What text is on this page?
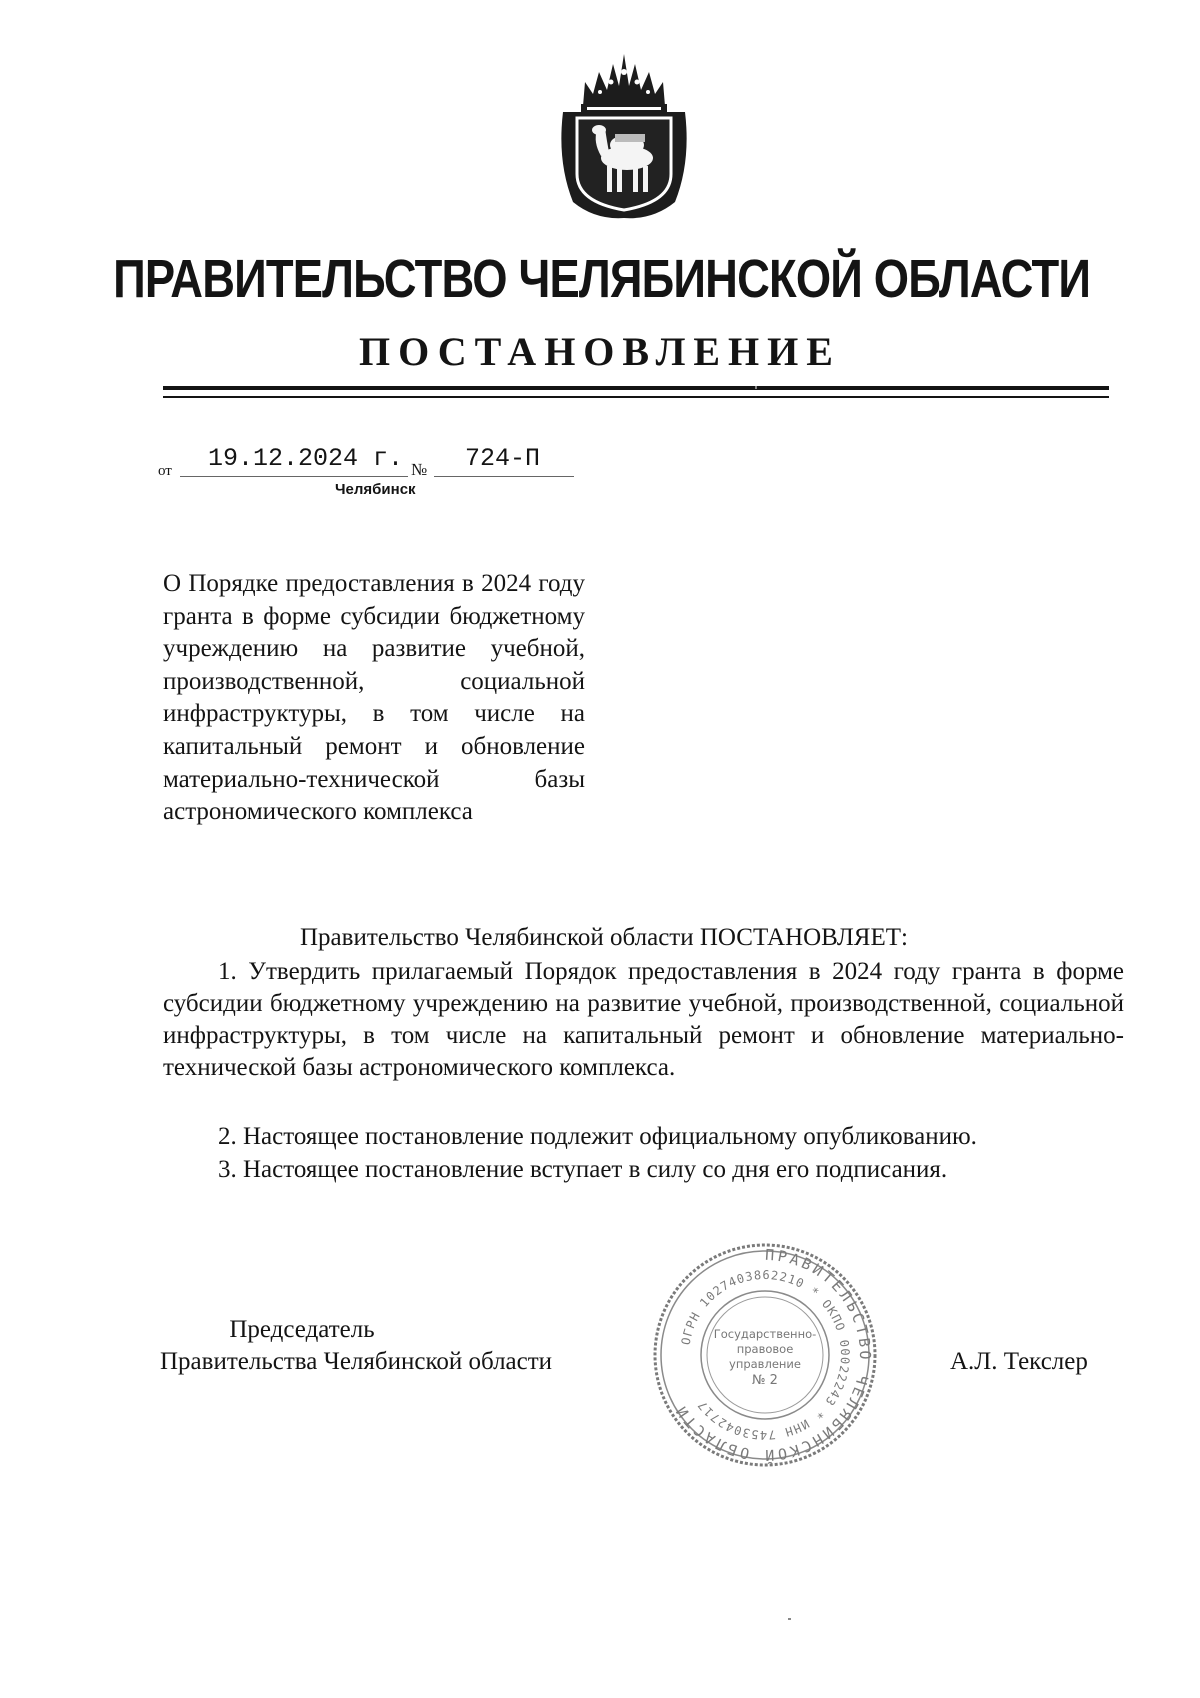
ПРАВИТЕЛЬСТВО ЧЕЛЯБИНСКОЙ ОБЛАСТИ
ПОСТАНОВЛЕНИЕ
от 19.12.2024 г. № 724-П
Челябинск
О Порядке предоставления в 2024 году гранта в форме субсидии бюджетному учреждению на развитие учебной, производственной, социальной инфраструктуры, в том числе на капитальный ремонт и обновление материально-технической базы астрономического комплекса
Правительство Челябинской области ПОСТАНОВЛЯЕТ:
1. Утвердить прилагаемый Порядок предоставления в 2024 году гранта в форме субсидии бюджетному учреждению на развитие учебной, производственной, социальной инфраструктуры, в том числе на капитальный ремонт и обновление материально-технической базы астрономического комплекса.
2. Настоящее постановление подлежит официальному опубликованию.
3. Настоящее постановление вступает в силу со дня его подписания.
ПРАВИТЕЛЬСТВО ЧЕЛЯБИНСКОЙ ОБЛАСТИ
ОГРН 1027403862210 * ОКПО 00022243 * ИНН 7453042717
Государственно-
правовое
управление
№ 2
Председатель
Правительства Челябинской области	А.Л. Текслер
